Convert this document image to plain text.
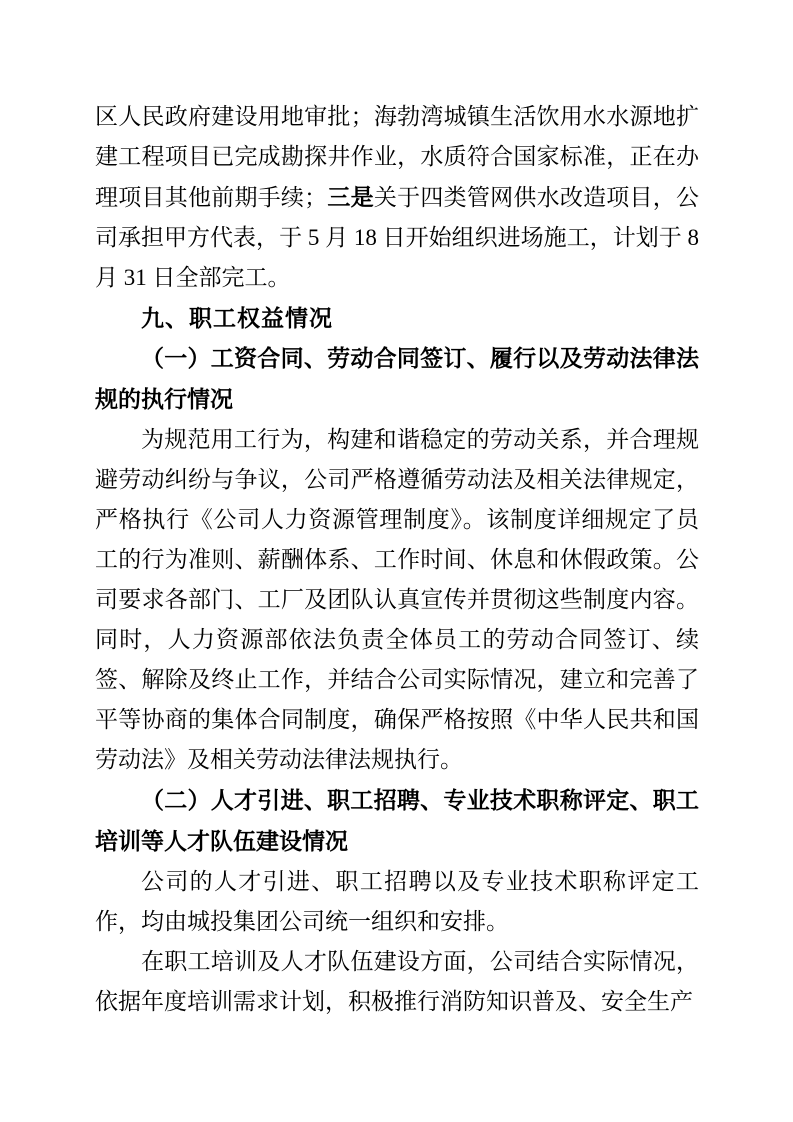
区人民政府建设用地审批；海勃湾城镇生活饮用水水源地扩建工程项目已完成勘探井作业，水质符合国家标准，正在办理项目其他前期手续；三是关于四类管网供水改造项目，公司承担甲方代表，于 5 月 18 日开始组织进场施工，计划于 8 月 31 日全部完工。

九、职工权益情况

（一）工资合同、劳动合同签订、履行以及劳动法律法规的执行情况

为规范用工行为，构建和谐稳定的劳动关系，并合理规避劳动纠纷与争议，公司严格遵循劳动法及相关法律规定，严格执行《公司人力资源管理制度》。该制度详细规定了员工的行为准则、薪酬体系、工作时间、休息和休假政策。公司要求各部门、工厂及团队认真宣传并贯彻这些制度内容。同时，人力资源部依法负责全体员工的劳动合同签订、续签、解除及终止工作，并结合公司实际情况，建立和完善了平等协商的集体合同制度，确保严格按照《中华人民共和国劳动法》及相关劳动法律法规执行。

（二）人才引进、职工招聘、专业技术职称评定、职工培训等人才队伍建设情况

公司的人才引进、职工招聘以及专业技术职称评定工作，均由城投集团公司统一组织和安排。

在职工培训及人才队伍建设方面，公司结合实际情况，依据年度培训需求计划，积极推行消防知识普及、安全生产
